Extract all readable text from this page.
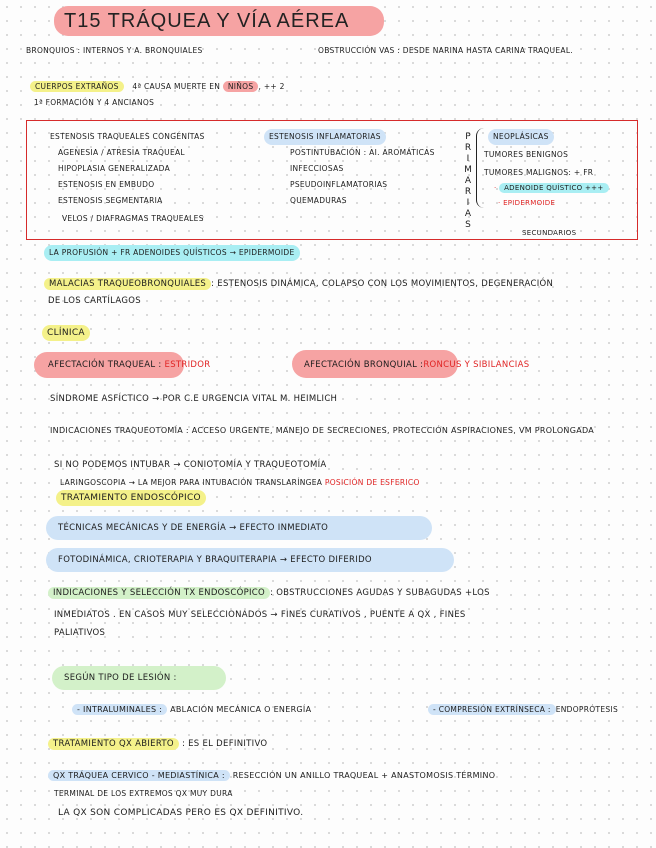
T15 TRÁQUEA Y VÍA AÉREA
BRONQUIOS : INTERNOS Y A. BRONQUIALES	OBSTRUCCIÓN VAS : DESDE NARINA HASTA CARINA TRAQUEAL.
CUERPOS EXTRAÑOS 4ª CAUSA MUERTE EN NIÑOS , ++ 2
1ª FORMACIÓN Y 4 ANCIANOS
ESTENOSIS TRAQUEALES CONGÉNITAS
AGENESIA / ATRESIA TRAQUEAL
HIPOPLASIA GENERALIZADA
ESTENOSIS EN EMBUDO
ESTENOSIS SEGMENTARIA
VELOS / DIAFRAGMAS TRAQUEALES
ESTENOSIS INFLAMATORIAS
POSTINTUBACIÓN : AI. AROMÁTICAS
INFECCIOSAS
PSEUDOINFLAMATORIAS
QUEMADURAS	PRIMARIAS	NEOPLÁSICAS
TUMORES BENIGNOS
TUMORES MALIGNOS: + FR
· ADENOIDE QUÍSTICO +++
· EPIDERMOIDE
SECUNDARIOS
LA PROFUSIÓN + FR ADENOIDES QUÍSTICOS → EPIDERMOIDE
MALACIAS TRAQUEOBRONQUIALES : ESTENOSIS DINÁMICA, COLAPSO CON LOS MOVIMIENTOS, DEGENERACIÓN
DE LOS CARTÍLAGOS
CLÍNICA
AFECTACIÓN TRAQUEAL : ESTRIDOR	AFECTACIÓN BRONQUIAL :RONCUS Y SIBILANCIAS
SÍNDROME ASFÍCTICO → POR C.E URGENCIA VITAL M. HEIMLICH
INDICACIONES TRAQUEOTOMÍA : ACCESO URGENTE, MANEJO DE SECRECIONES, PROTECCIÓN ASPIRACIONES, VM PROLONGADA
SI NO PODEMOS INTUBAR → CONIOTOMÍA Y TRAQUEOTOMÍA
LARINGOSCOPIA → LA MEJOR PARA INTUBACIÓN TRANSLARÍNGEA POSICIÓN DE ESFERICO
TRATAMIENTO ENDOSCÓPICO
TÉCNICAS MECÁNICAS Y DE ENERGÍA → EFECTO INMEDIATO
FOTODINÁMICA, CRIOTERAPIA Y BRAQUITERAPIA → EFECTO DIFERIDO
INDICACIONES Y SELECCIÓN TX ENDOSCÓPICO : OBSTRUCCIONES AGUDAS Y SUBAGUDAS +LOS
INMEDIATOS . EN CASOS MUY SELECCIONADOS → FINES CURATIVOS , PUENTE A QX , FINES
PALIATIVOS
SEGÚN TIPO DE LESIÓN :
- INTRALUMINALES : ABLACIÓN MECÁNICA O ENERGÍA	- COMPRESIÓN EXTRÍNSECA : ENDOPRÓTESIS
TRATAMIENTO QX ABIERTO : ES EL DEFINITIVO
QX TRÁQUEA CERVICO - MEDIASTÍNICA : RESECCIÓN UN ANILLO TRAQUEAL + ANASTOMOSIS TÉRMINO
TERMINAL DE LOS EXTREMOS QX MUY DURA
LA QX SON COMPLICADAS PERO ES QX DEFINITIVO.
